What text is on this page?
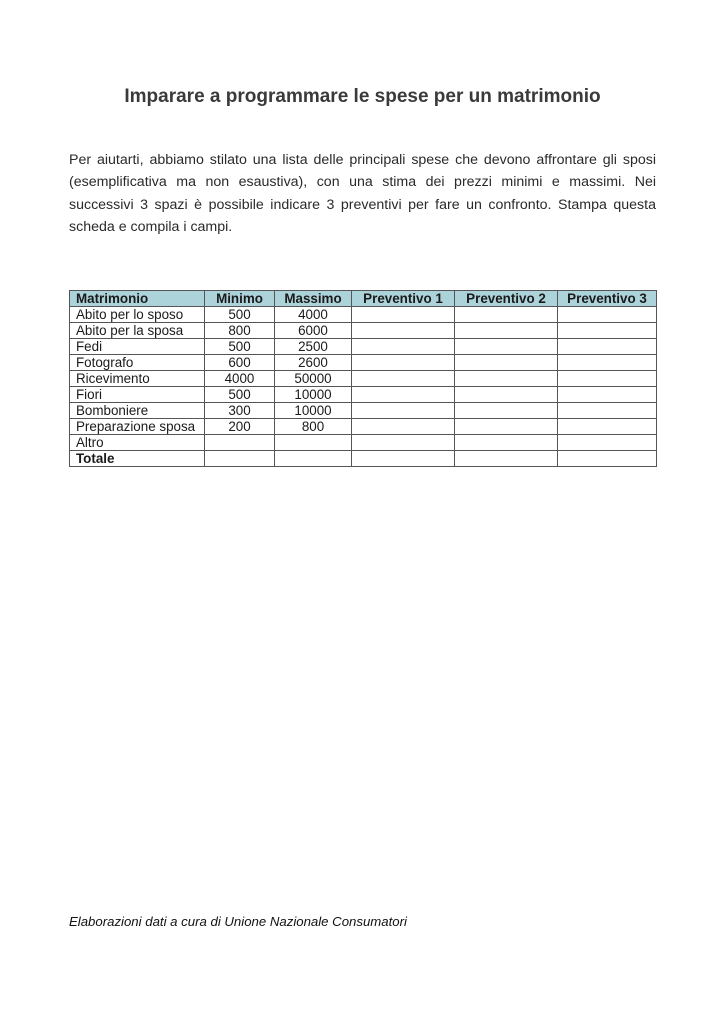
Imparare a programmare le spese per un matrimonio

Per aiutarti, abbiamo stilato una lista delle principali spese che devono affrontare gli sposi (esemplificativa ma non esaustiva), con una stima dei prezzi minimi e massimi. Nei successivi 3 spazi è possibile indicare 3 preventivi per fare un confronto. Stampa questa scheda e compila i campi.

Matrimonio	Minimo	Massimo	Preventivo 1	Preventivo 2	Preventivo 3
Abito per lo sposo	500	4000			
Abito per la sposa	800	6000			
Fedi	500	2500			
Fotografo	600	2600			
Ricevimento	4000	50000			
Fiori	500	10000			
Bomboniere	300	10000			
Preparazione sposa	200	800			
Altro					
Totale					

Elaborazioni dati a cura di Unione Nazionale Consumatori
